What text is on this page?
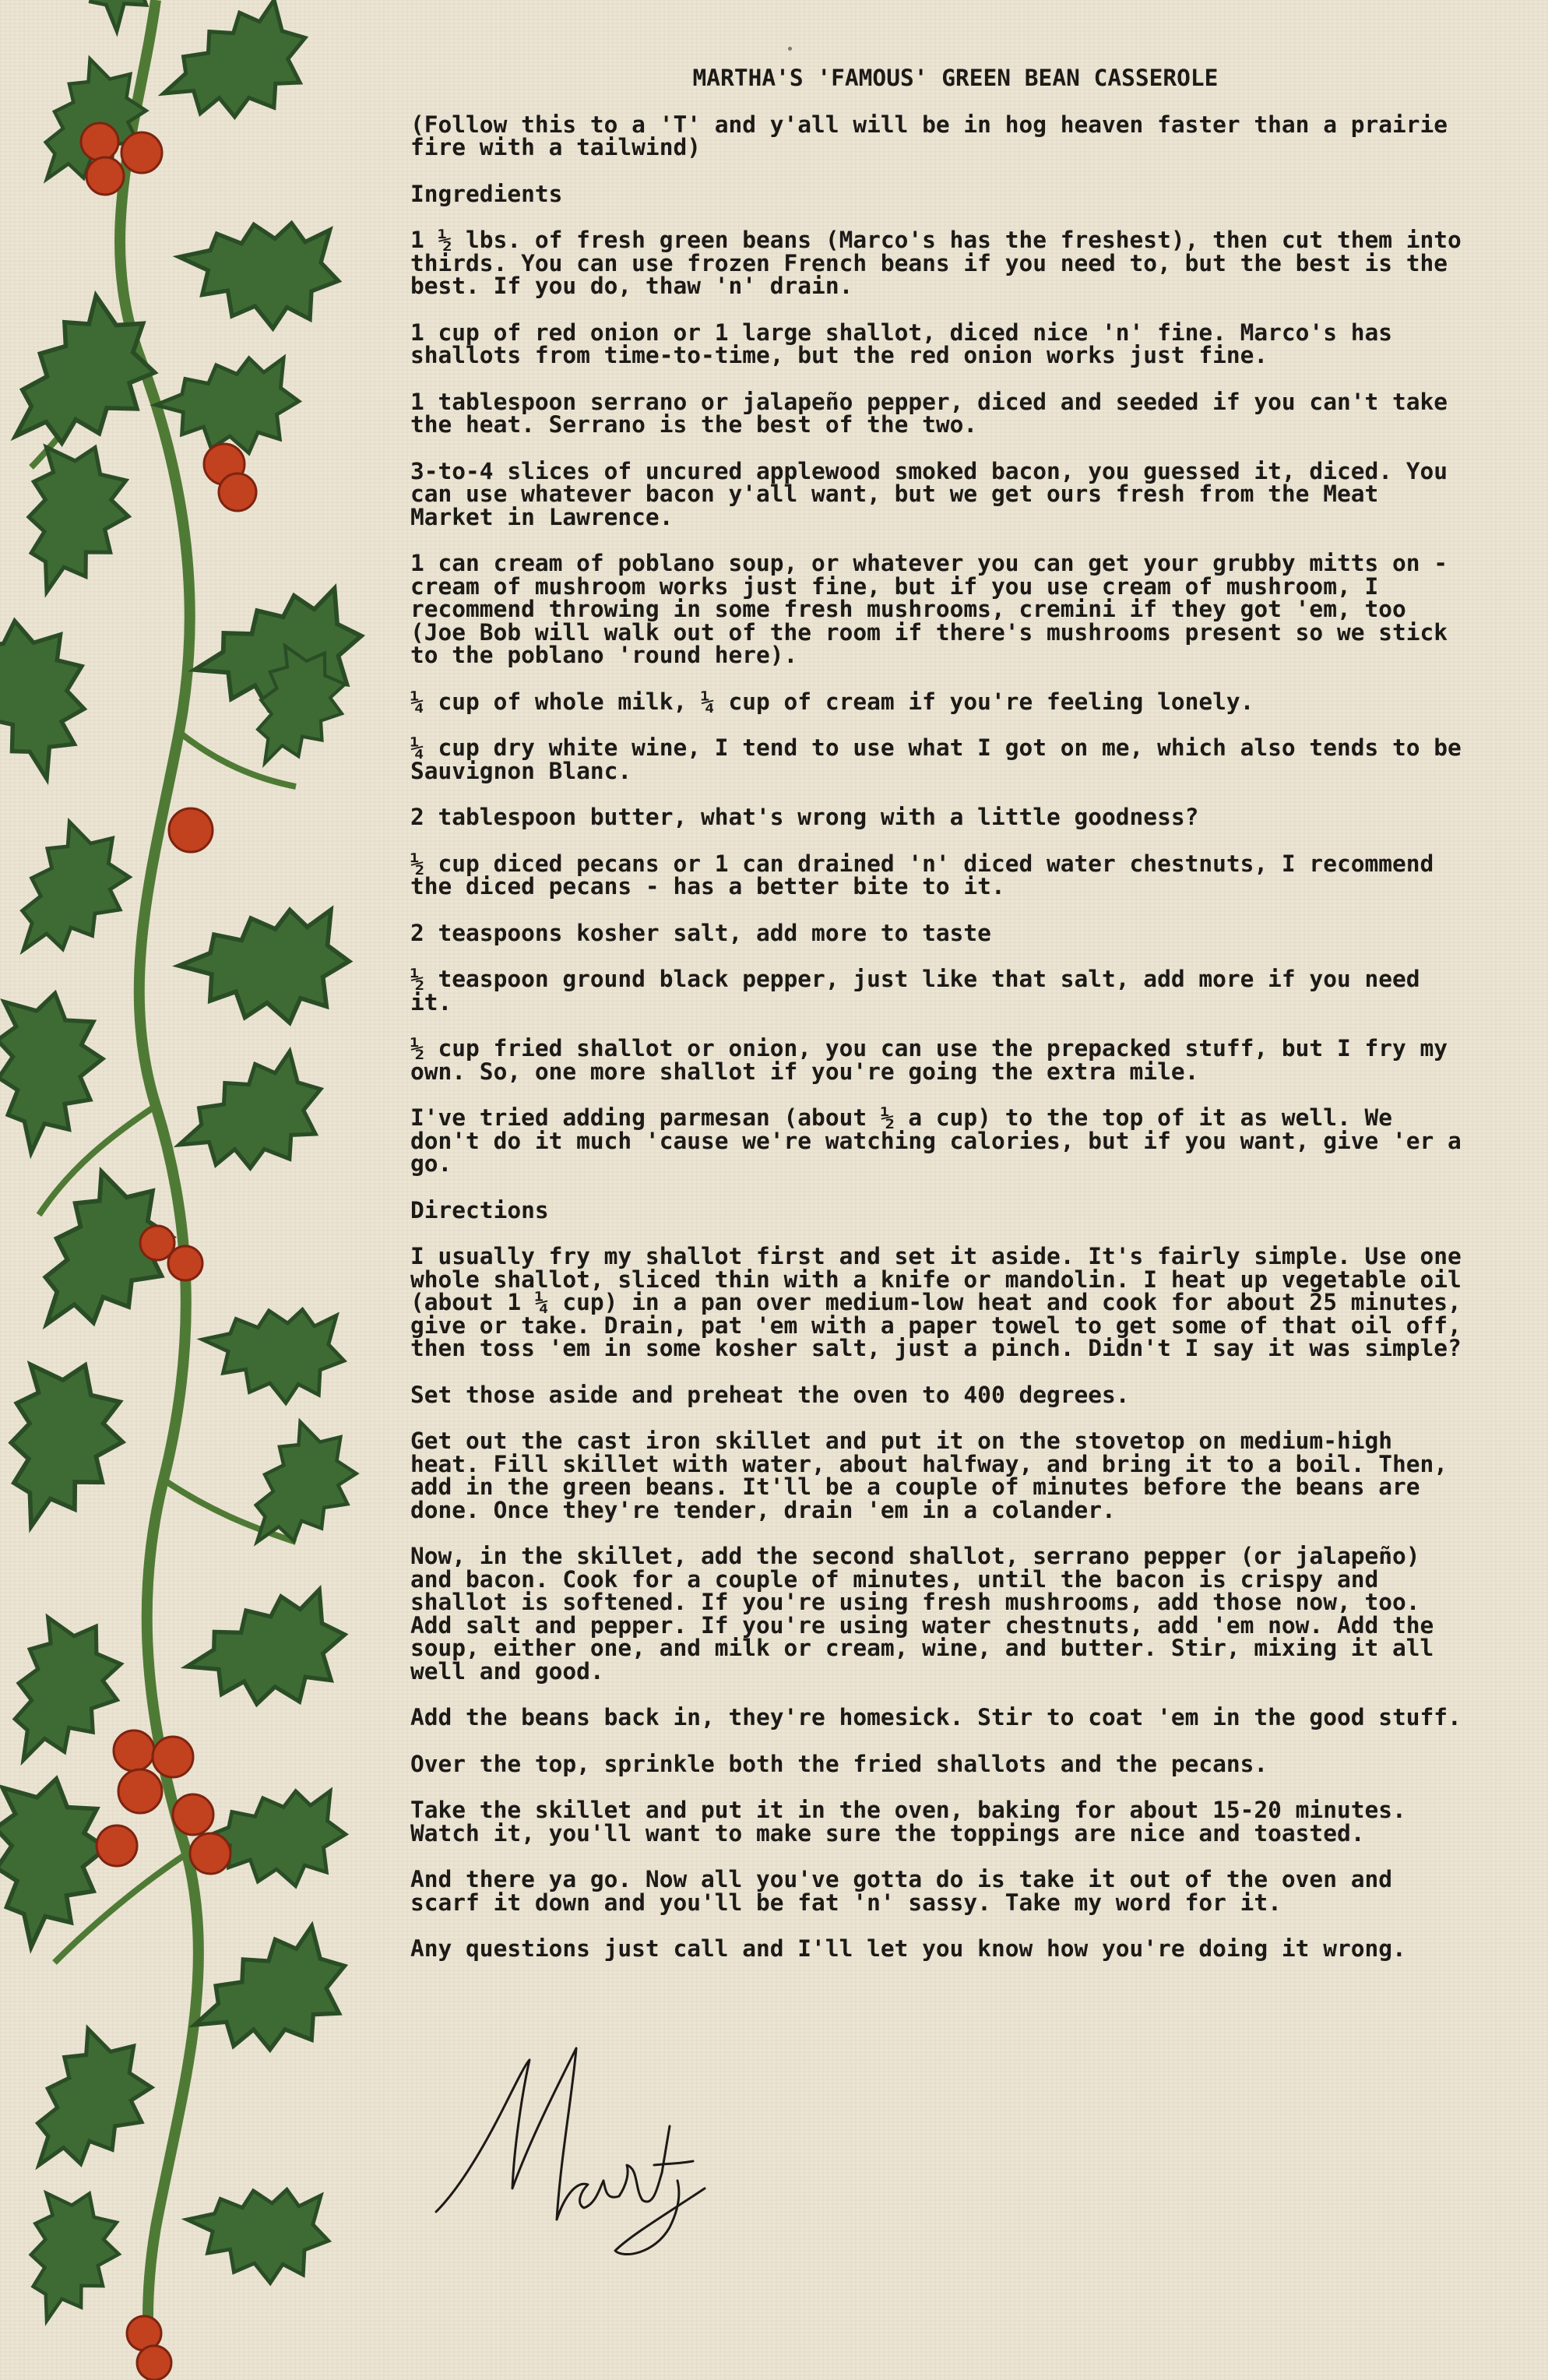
MARTHA'S 'FAMOUS' GREEN BEAN CASSEROLE

(Follow this to a 'T' and y'all will be in hog heaven faster than a prairie fire with a tailwind)

Ingredients

1 ½ lbs. of fresh green beans (Marco's has the freshest), then cut them into thirds. You can use frozen French beans if you need to, but the best is the best. If you do, thaw 'n' drain.

1 cup of red onion or 1 large shallot, diced nice 'n' fine. Marco's has shallots from time-to-time, but the red onion works just fine.

1 tablespoon serrano or jalapeño pepper, diced and seeded if you can't take the heat. Serrano is the best of the two.

3-to-4 slices of uncured applewood smoked bacon, you guessed it, diced. You can use whatever bacon y'all want, but we get ours fresh from the Meat Market in Lawrence.

1 can cream of poblano soup, or whatever you can get your grubby mitts on - cream of mushroom works just fine, but if you use cream of mushroom, I recommend throwing in some fresh mushrooms, cremini if they got 'em, too (Joe Bob will walk out of the room if there's mushrooms present so we stick to the poblano 'round here).

¼ cup of whole milk, ¼ cup of cream if you're feeling lonely.

¼ cup dry white wine, I tend to use what I got on me, which also tends to be Sauvignon Blanc.

2 tablespoon butter, what's wrong with a little goodness?

½ cup diced pecans or 1 can drained 'n' diced water chestnuts, I recommend the diced pecans - has a better bite to it.

2 teaspoons kosher salt, add more to taste

½ teaspoon ground black pepper, just like that salt, add more if you need it.

½ cup fried shallot or onion, you can use the prepacked stuff, but I fry my own. So, one more shallot if you're going the extra mile.

I've tried adding parmesan (about ½ a cup) to the top of it as well. We don't do it much 'cause we're watching calories, but if you want, give 'er a go.

Directions

I usually fry my shallot first and set it aside. It's fairly simple. Use one whole shallot, sliced thin with a knife or mandolin. I heat up vegetable oil (about 1 ¼ cup) in a pan over medium-low heat and cook for about 25 minutes, give or take. Drain, pat 'em with a paper towel to get some of that oil off, then toss 'em in some kosher salt, just a pinch. Didn't I say it was simple?

Set those aside and preheat the oven to 400 degrees.

Get out the cast iron skillet and put it on the stovetop on medium-high heat. Fill skillet with water, about halfway, and bring it to a boil. Then, add in the green beans. It'll be a couple of minutes before the beans are done. Once they're tender, drain 'em in a colander.

Now, in the skillet, add the second shallot, serrano pepper (or jalapeño) and bacon. Cook for a couple of minutes, until the bacon is crispy and shallot is softened. If you're using fresh mushrooms, add those now, too. Add salt and pepper. If you're using water chestnuts, add 'em now. Add the soup, either one, and milk or cream, wine, and butter. Stir, mixing it all well and good.

Add the beans back in, they're homesick. Stir to coat 'em in the good stuff.

Over the top, sprinkle both the fried shallots and the pecans.

Take the skillet and put it in the oven, baking for about 15-20 minutes. Watch it, you'll want to make sure the toppings are nice and toasted.

And there ya go. Now all you've gotta do is take it out of the oven and scarf it down and you'll be fat 'n' sassy. Take my word for it.

Any questions just call and I'll let you know how you're doing it wrong.
